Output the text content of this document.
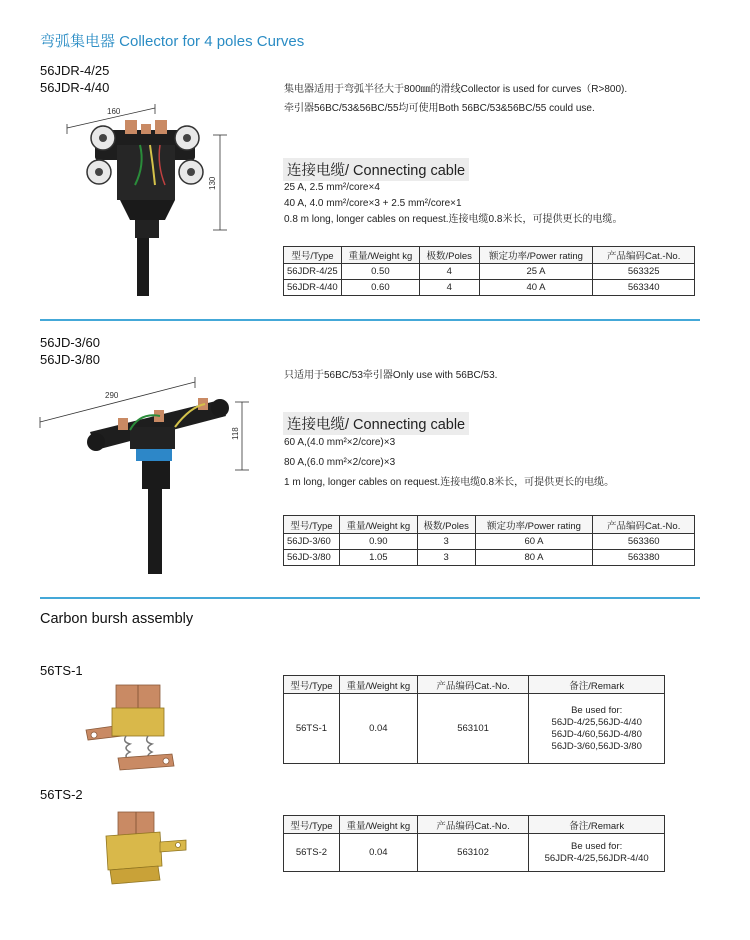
弯弧集电器 Collector for 4 poles Curves
56JDR-4/25
56JDR-4/40
160
130
集电器适用于弯弧半径大于800㎜的滑线Collector is used for curves（R>800).
牵引器56BC/53&56BC/55均可使用Both 56BC/53&56BC/55 could use.
连接电缆/ Connecting cable
25 A, 2.5 mm²/core×4
40 A, 4.0 mm²/core×3 + 2.5 mm²/core×1
0.8 m long, longer cables on request.连接电缆0.8米长，可提供更长的电缆。
型号/Type	重量/Weight kg	极数/Poles	额定功率/Power rating	产品编码Cat.-No.
56JDR-4/25	0.50	4	25 A	563325
56JDR-4/40	0.60	4	40 A	563340
56JD-3/60
56JD-3/80
290
118
只适用于56BC/53牵引器Only use with 56BC/53.
连接电缆/ Connecting cable
60 A,(4.0 mm²×2/core)×3
80 A,(6.0 mm²×2/core)×3
1 m long, longer cables on request.连接电缆0.8米长，可提供更长的电缆。
型号/Type	重量/Weight kg	极数/Poles	额定功率/Power rating	产品编码Cat.-No.
56JD-3/60	0.90	3	60 A	563360
56JD-3/80	1.05	3	80 A	563380
Carbon bursh assembly
56TS-1
型号/Type	重量/Weight kg	产品编码Cat.-No.	备注/Remark
56TS-1	0.04	563101	Be used for:
56JD-4/25,56JD-4/40
56JD-4/60,56JD-4/80
56JD-3/60,56JD-3/80
56TS-2
型号/Type	重量/Weight kg	产品编码Cat.-No.	备注/Remark
56TS-2	0.04	563102	Be used for:
56JDR-4/25,56JDR-4/40
